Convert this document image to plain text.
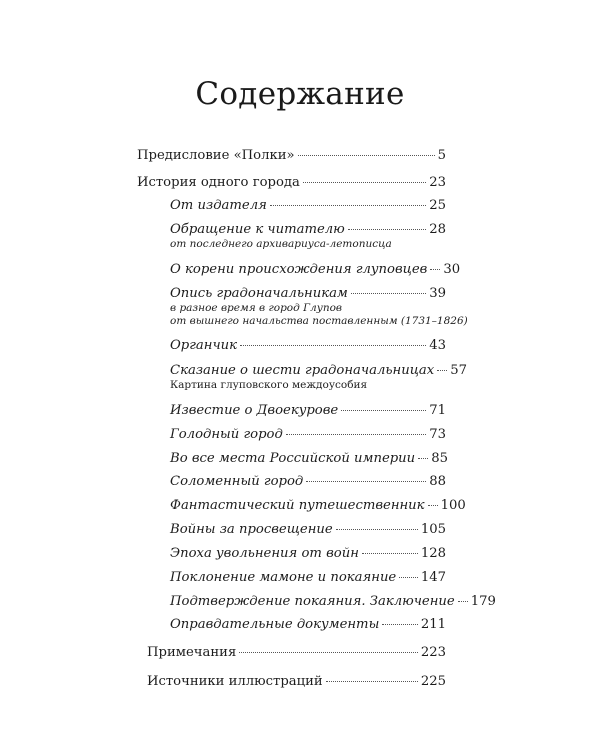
Содержание
Предисловие «Полки»	5
История одного города	23
От издателя	25
Обращение к читателю	28
от последнего архивариуса-летописца
О корени происхождения глуповцев 30
Опись градоначальникам	39
в разное время в город Глупов
от вышнего начальства поставленным (1731–1826)
Органчик	43
Сказание о шести градоначальницах 57
Картина глуповского междоусобия
Известие о Двоекурове	71
Голодный город	73
Во все места Российской империи 85
Соломенный город	88
Фантастический путешественник 100
Войны за просвещение	105
Эпоха увольнения от войн	128
Поклонение мамоне и покаяние 147
Подтверждение покаяния. Заключение 179
Оправдательные документы	211
Примечания	223
Источники иллюстраций	225
